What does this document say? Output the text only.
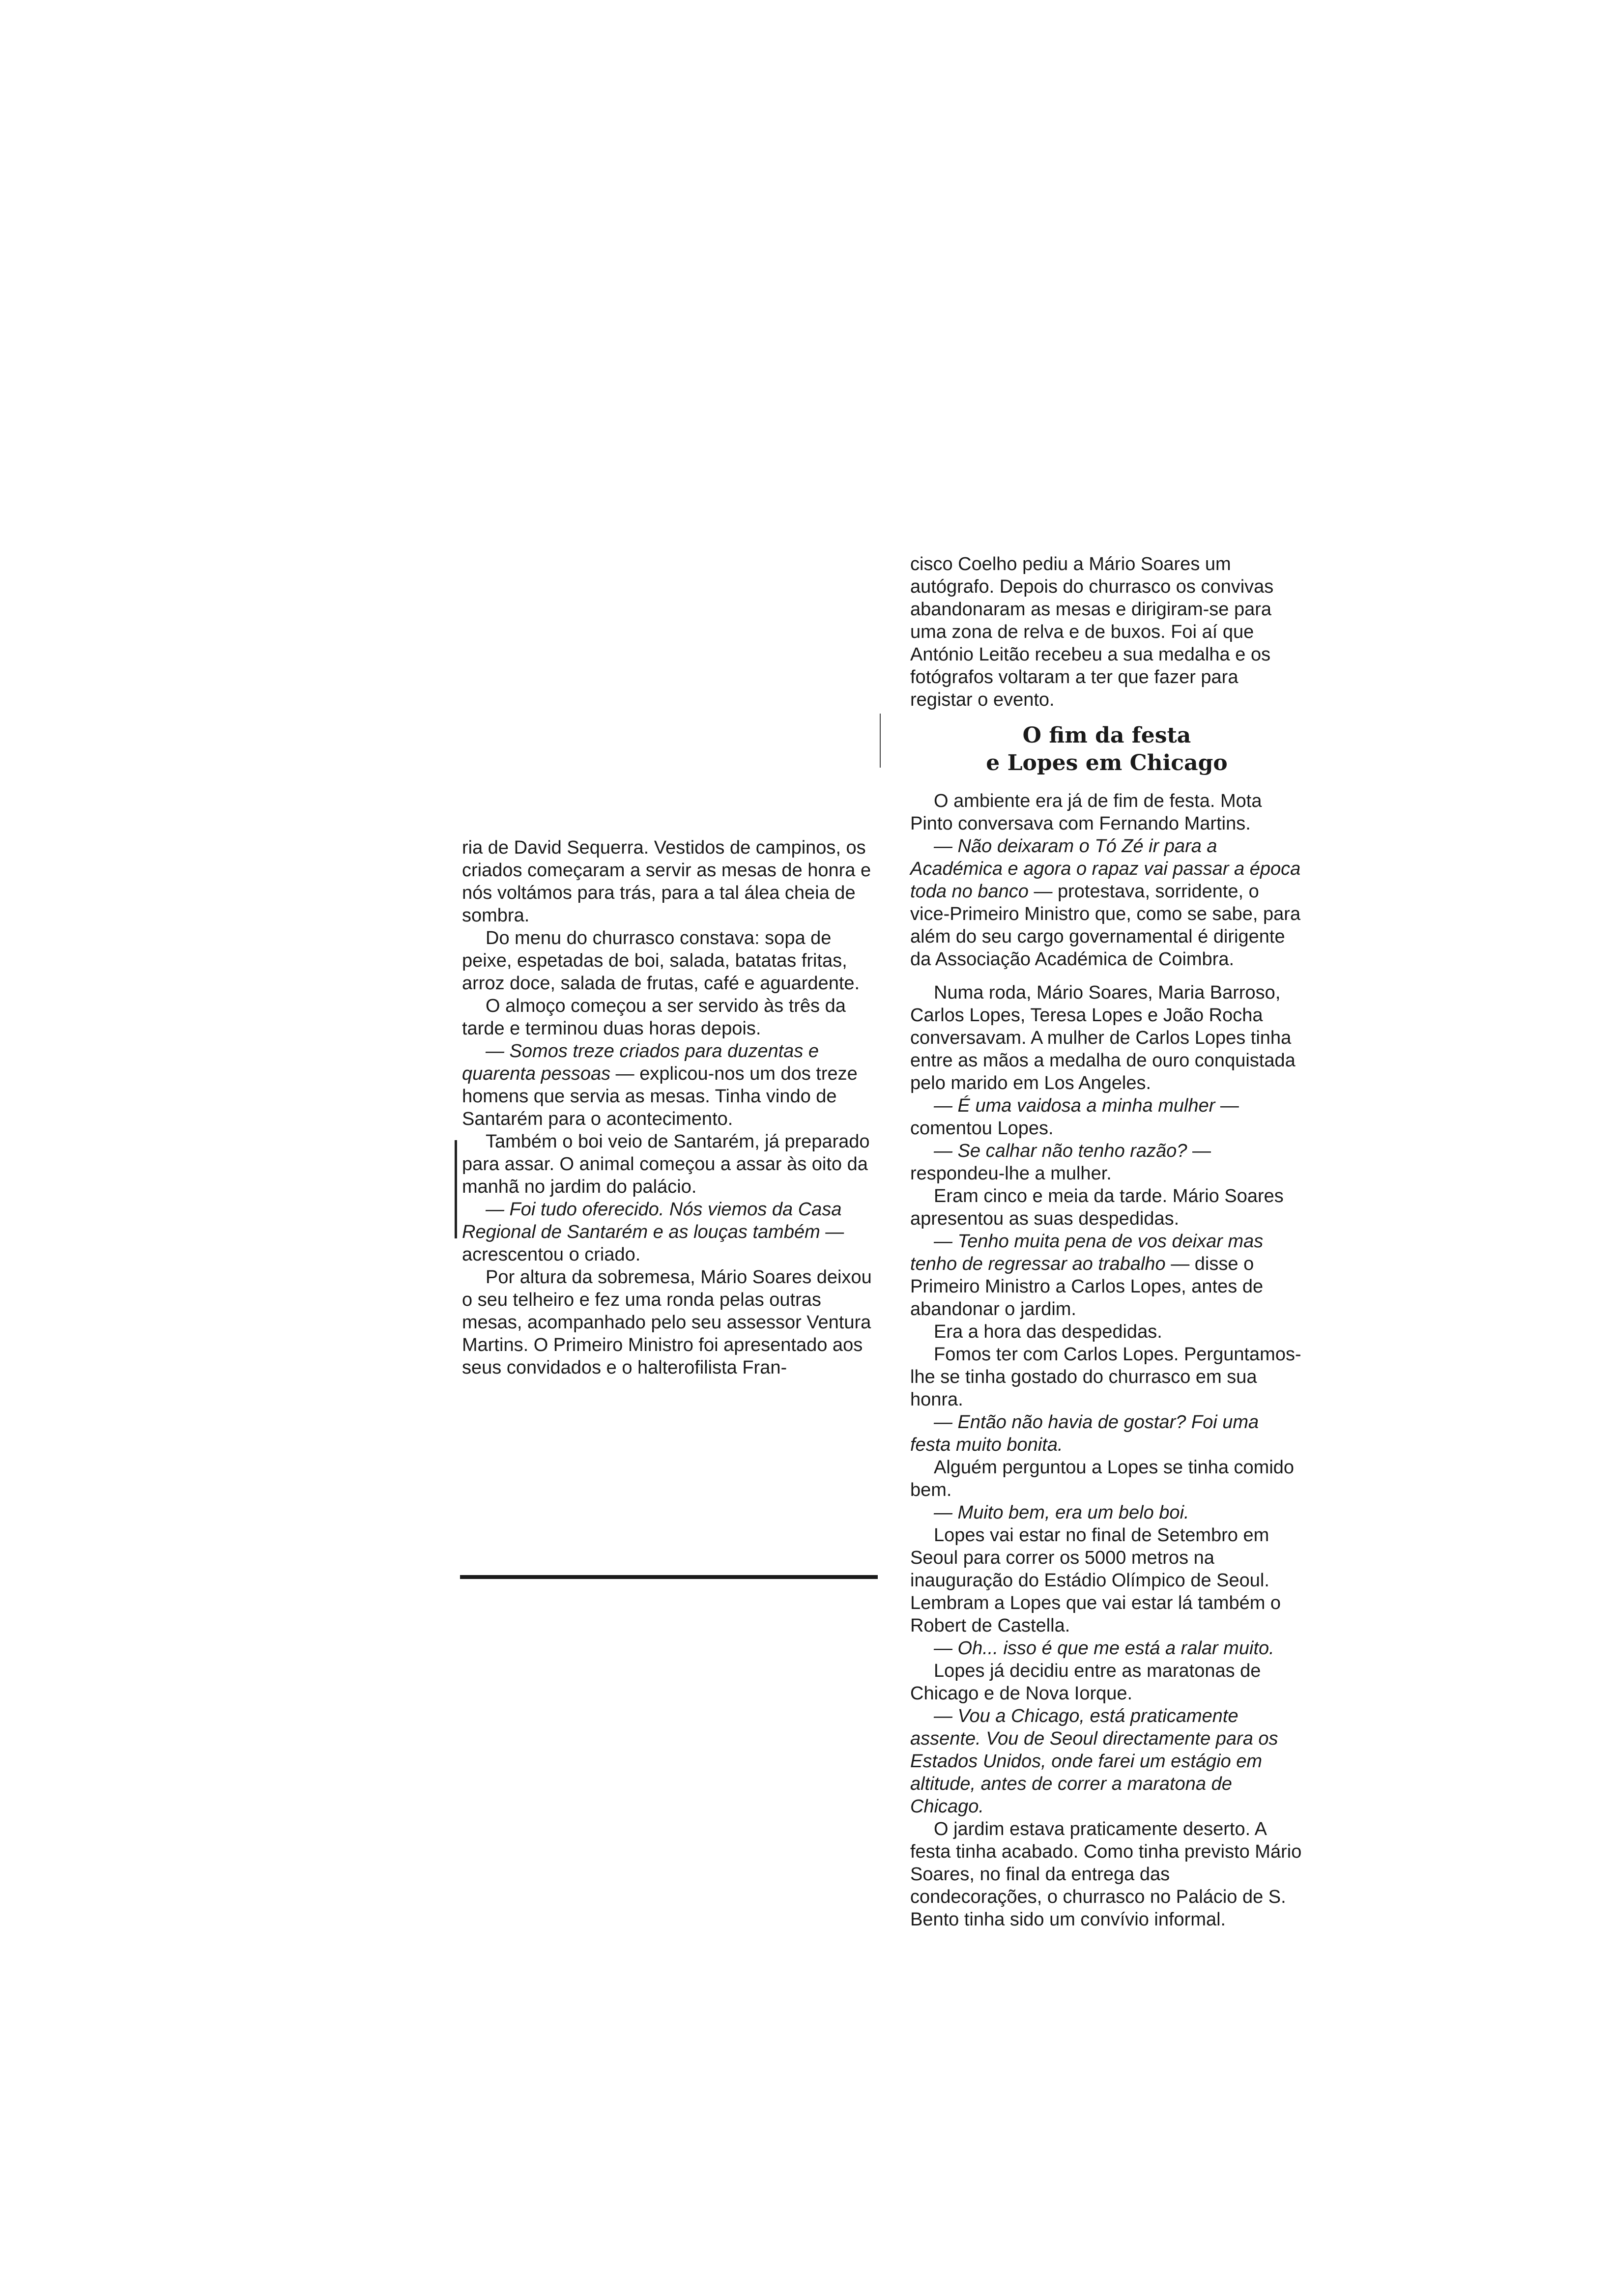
ria de David Sequerra. Vestidos de campinos, os criados começaram a servir as mesas de honra e nós voltámos para trás, para a tal álea cheia de sombra.

Do menu do churrasco constava: sopa de peixe, espetadas de boi, salada, batatas fritas, arroz doce, salada de frutas, café e aguardente.

O almoço começou a ser servido às três da tarde e terminou duas horas depois.

— Somos treze criados para duzentas e quarenta pessoas — explicou-nos um dos treze homens que servia as mesas. Tinha vindo de Santarém para o acontecimento.

Também o boi veio de Santarém, já preparado para assar. O animal começou a assar às oito da manhã no jardim do palácio.

— Foi tudo oferecido. Nós viemos da Casa Regional de Santarém e as louças também — acrescentou o criado.

Por altura da sobremesa, Mário Soares deixou o seu telheiro e fez uma ronda pelas outras mesas, acompanhado pelo seu assessor Ventura Martins. O Primeiro Ministro foi apresentado aos seus convidados e o halterofilista Fran-

cisco Coelho pediu a Mário Soares um autógrafo. Depois do churrasco os convivas abandonaram as mesas e dirigiram-se para uma zona de relva e de buxos. Foi aí que António Leitão recebeu a sua medalha e os fotógrafos voltaram a ter que fazer para registar o evento.

O fim da festa
e Lopes em Chicago

O ambiente era já de fim de festa. Mota Pinto conversava com Fernando Martins.

— Não deixaram o Tó Zé ir para a Académica e agora o rapaz vai passar a época toda no banco — protestava, sorridente, o vice-Primeiro Ministro que, como se sabe, para além do seu cargo governamental é dirigente da Associação Académica de Coimbra.

Numa roda, Mário Soares, Maria Barroso, Carlos Lopes, Teresa Lopes e João Rocha conversavam. A mulher de Carlos Lopes tinha entre as mãos a medalha de ouro conquistada pelo marido em Los Angeles.

— É uma vaidosa a minha mulher — comentou Lopes.

— Se calhar não tenho razão? — respondeu-lhe a mulher.

Eram cinco e meia da tarde. Mário Soares apresentou as suas despedidas.

— Tenho muita pena de vos deixar mas tenho de regressar ao trabalho — disse o Primeiro Ministro a Carlos Lopes, antes de abandonar o jardim.

Era a hora das despedidas.

Fomos ter com Carlos Lopes. Perguntamos-lhe se tinha gostado do churrasco em sua honra.

— Então não havia de gostar? Foi uma festa muito bonita.

Alguém perguntou a Lopes se tinha comido bem.

— Muito bem, era um belo boi.

Lopes vai estar no final de Setembro em Seoul para correr os 5000 metros na inauguração do Estádio Olímpico de Seoul. Lembram a Lopes que vai estar lá também o Robert de Castella.

— Oh... isso é que me está a ralar muito.

Lopes já decidiu entre as maratonas de Chicago e de Nova Iorque.

— Vou a Chicago, está praticamente assente. Vou de Seoul directamente para os Estados Unidos, onde farei um estágio em altitude, antes de correr a maratona de Chicago.

O jardim estava praticamente deserto. A festa tinha acabado. Como tinha previsto Mário Soares, no final da entrega das condecorações, o churrasco no Palácio de S. Bento tinha sido um convívio informal.
